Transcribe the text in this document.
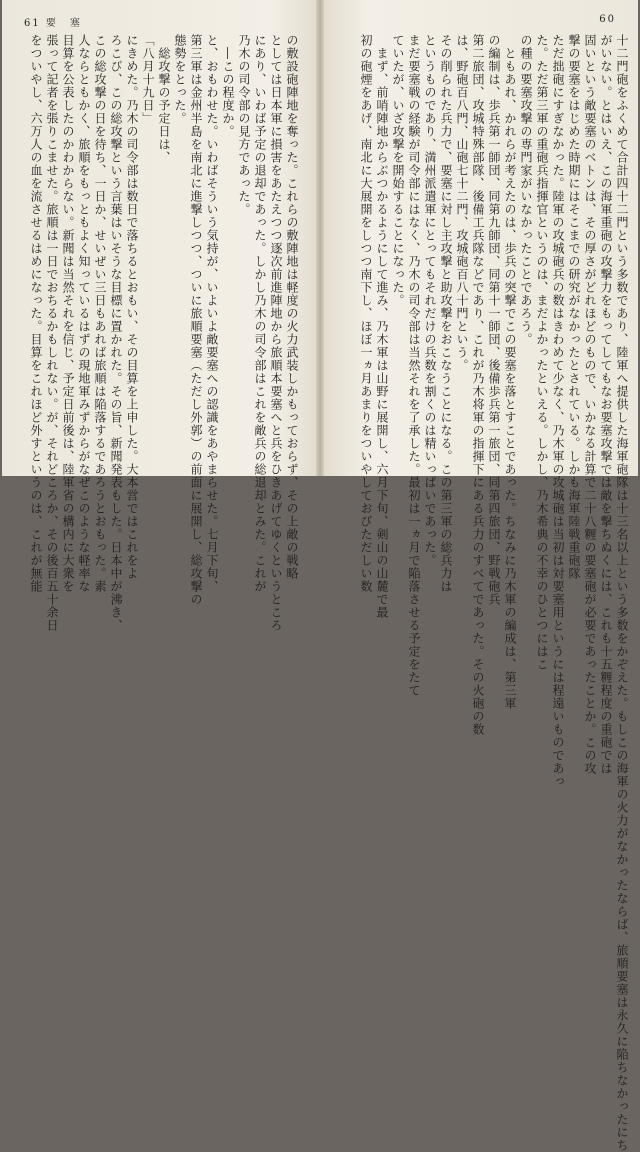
61 要　塞
の敷設砲陣地を奪った。これらの敷陣地は軽度の火力武装しかもっておらず、その上敵の戦略
としては日本軍に損害をあたえつつ逐次前進陣地から旅順本要塞へと兵をひきあげてゆくというところ
にあり、いわば予定の退却であった。しかし乃木の司令部はこれを敵兵の総退却とみた。これが
乃木の司令部の見方であった。
　―この程度か。
と、おもわせた。いわばそういう気持が、いよいよ敵要塞への認識をあやまらせた。七月下旬、
第三軍は金州半島を南北に進撃しつつ、ついに旅順要塞（ただし外郭）の前面に展開し、総攻撃の
態勢をとった。
　総攻撃の予定日は、
「八月十九日」
にきめた。乃木の司令部は数日で落ちるとおもい、その目算を上申した。大本営ではこれをよ
ろこび、この総攻撃という言葉はいそうな目標に置かれた。その旨、新聞発表もした。日本中が沸き、
この総攻撃の日を待ち、一日か、せいぜい三日もあれば旅順は陥落するであろうとおもった。素
人ならともかく、旅順をもっともよく知っているはずの現地軍みずからがなぜこのような軽率な
目算を公表したのかわからない。新聞は当然それを信じ、予定日前後は、陸軍省の構内に大衆を
張って記者を張りこませた。旅順は一日でおちるかもしれない。が、それどころか、その後百五十余日
をついやし、六万人の血を流させるはめになった。目算をこれほど外すというのは、これが無能
60
十二門砲をふくめて合計四十二門という多数であり、陸軍へ提供した海軍砲隊は十三名以上という多数をかぞえた。もしこの海軍の火力がなかったならば、旅順要塞は永久に陥ちなかったにち
がいない。とはいえ、この海軍重砲の攻撃力をもってしてもなお要塞攻撃では敵を撃ちぬくには、これも十五糎程度の重砲では
固いという敵要塞のベトンは、その厚さがどれほどのもので、いかなる計算で二十八糎の要塞砲が必要であったことか。この攻
撃の要塞をはじめた時期にはそこまでの研究がなかったとされている。しかも海軍陸戦重砲隊
ただ拙砲にすぎなかった。陸軍の攻城砲兵の数はきわめて少なく、乃木軍の攻城砲は当初は対要塞用というには程遠いものであっ
た。ただ第三軍の重砲兵指揮官というのは、まだよかったといえる。しかし、乃木希典の不幸のひとつにはこ
の種の要塞攻撃の専門家がいなかったことであろう。
　ともあれ、かれらが考えたのは、歩兵の突撃でこの要塞を落とすことであった。ちなみに乃木軍の編成は、第三軍
の編制は、歩兵第一師団、同第九師団、同第十一師団、後備歩兵第一旅団、同第四旅団、野戦砲兵
第二旅団、攻城特殊部隊、後備工兵隊などであり、これが乃木将軍の指揮下にある兵力のすべてであった。その火砲の数
は、野砲百八門、山砲七十二門、攻城砲百八十門という。
その削られた兵力で、要塞に対し主攻撃と助攻撃をおこなうことになる。この第三軍の総兵力は
というものであり、満州派遣軍にとってもそれだけの兵数を割くのは精いっぱいであった。
まだ要塞戦の経験が司令部にはなく、乃木の司令部は当然それを了承した。最初は一ヵ月で陥落させる予定をたて
ていたが、いざ攻撃を開始することになった。
　まず、前哨陣地からぶつかるようにして進み、乃木軍は山野に展開し、六月下旬、剣山の山麓で最
初の砲煙をあげ、南北に大展開をしつつ南下し、ほぼ一ヵ月あまりをついやしておびただしい数
